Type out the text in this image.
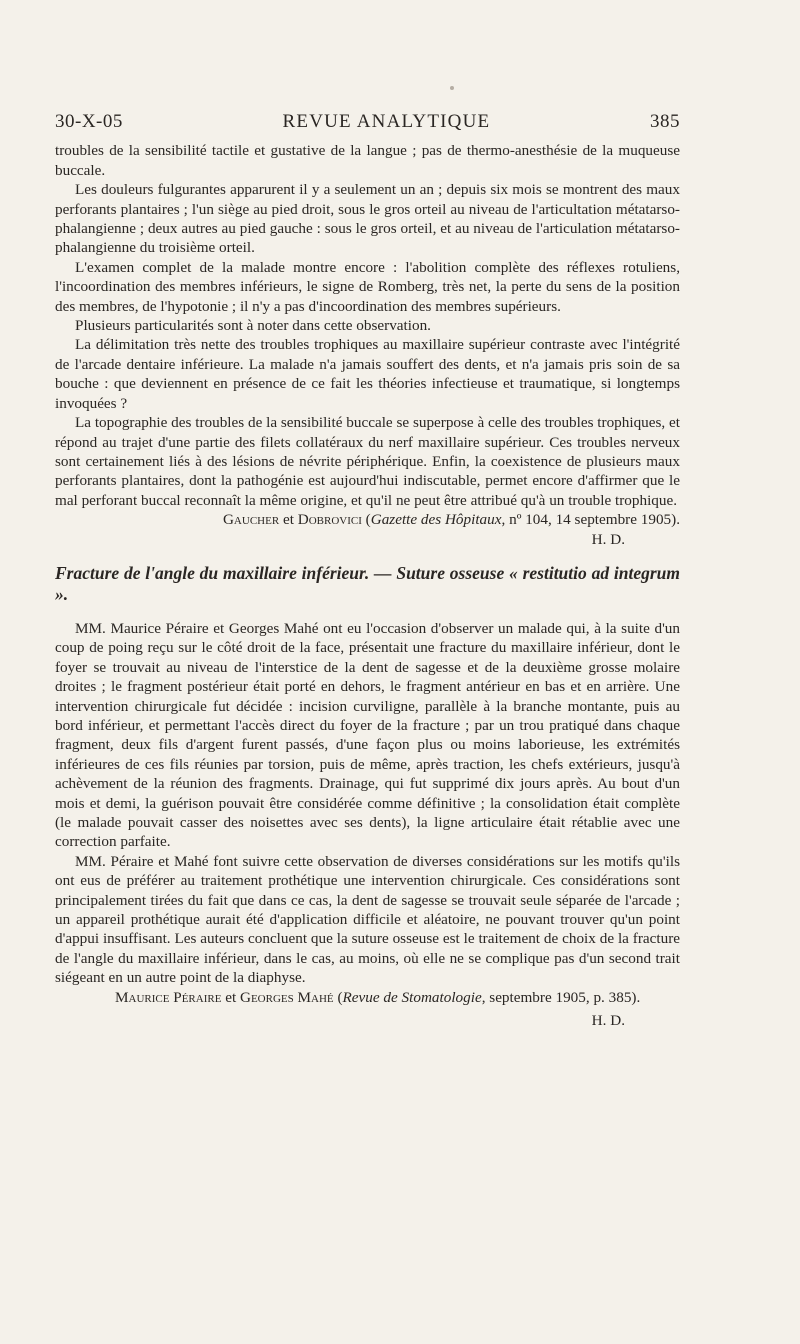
30-X-05	REVUE ANALYTIQUE	385

troubles de la sensibilité tactile et gustative de la langue ; pas de thermo-anesthésie de la muqueuse buccale.

Les douleurs fulgurantes apparurent il y a seulement un an ; depuis six mois se montrent des maux perforants plantaires ; l'un siège au pied droit, sous le gros orteil au niveau de l'articultation métatarso-phalangienne ; deux autres au pied gauche : sous le gros orteil, et au niveau de l'articulation métatarso-phalangienne du troisième orteil.

L'examen complet de la malade montre encore : l'abolition complète des réflexes rotuliens, l'incoordination des membres inférieurs, le signe de Romberg, très net, la perte du sens de la position des membres, de l'hypotonie ; il n'y a pas d'incoordination des membres supérieurs.

Plusieurs particularités sont à noter dans cette observation.

La délimitation très nette des troubles trophiques au maxillaire supérieur contraste avec l'intégrité de l'arcade dentaire inférieure. La malade n'a jamais souffert des dents, et n'a jamais pris soin de sa bouche : que deviennent en présence de ce fait les théories infectieuse et traumatique, si longtemps invoquées ?

La topographie des troubles de la sensibilité buccale se superpose à celle des troubles trophiques, et répond au trajet d'une partie des filets collatéraux du nerf maxillaire supérieur. Ces troubles nerveux sont certainement liés à des lésions de névrite périphérique. Enfin, la coexistence de plusieurs maux perforants plantaires, dont la pathogénie est aujourd'hui indiscutable, permet encore d'affirmer que le mal perforant buccal reconnaît la même origine, et qu'il ne peut être attribué qu'à un trouble trophique.

Gaucher et Dobrovici (Gazette des Hôpitaux, nº 104, 14 septembre 1905).

H. D.

Fracture de l'angle du maxillaire inférieur. — Suture osseuse « restitutio ad integrum ».

MM. Maurice Péraire et Georges Mahé ont eu l'occasion d'observer un malade qui, à la suite d'un coup de poing reçu sur le côté droit de la face, présentait une fracture du maxillaire inférieur, dont le foyer se trouvait au niveau de l'interstice de la dent de sagesse et de la deuxième grosse molaire droites ; le fragment postérieur était porté en dehors, le fragment antérieur en bas et en arrière. Une intervention chirurgicale fut décidée : incision curviligne, parallèle à la branche montante, puis au bord inférieur, et permettant l'accès direct du foyer de la fracture ; par un trou pratiqué dans chaque fragment, deux fils d'argent furent passés, d'une façon plus ou moins laborieuse, les extrémités inférieures de ces fils réunies par torsion, puis de même, après traction, les chefs extérieurs, jusqu'à achèvement de la réunion des fragments. Drainage, qui fut supprimé dix jours après. Au bout d'un mois et demi, la guérison pouvait être considérée comme définitive ; la consolidation était complète (le malade pouvait casser des noisettes avec ses dents), la ligne articulaire était rétablie avec une correction parfaite.

MM. Péraire et Mahé font suivre cette observation de diverses considérations sur les motifs qu'ils ont eus de préférer au traitement prothétique une intervention chirurgicale. Ces considérations sont principalement tirées du fait que dans ce cas, la dent de sagesse se trouvait seule séparée de l'arcade ; un appareil prothétique aurait été d'application difficile et aléatoire, ne pouvant trouver qu'un point d'appui insuffisant. Les auteurs concluent que la suture osseuse est le traitement de choix de la fracture de l'angle du maxillaire inférieur, dans le cas, au moins, où elle ne se complique pas d'un second trait siégeant en un autre point de la diaphyse.

Maurice Péraire et Georges Mahé (Revue de Stomatologie, septembre 1905, p. 385).

H. D.
